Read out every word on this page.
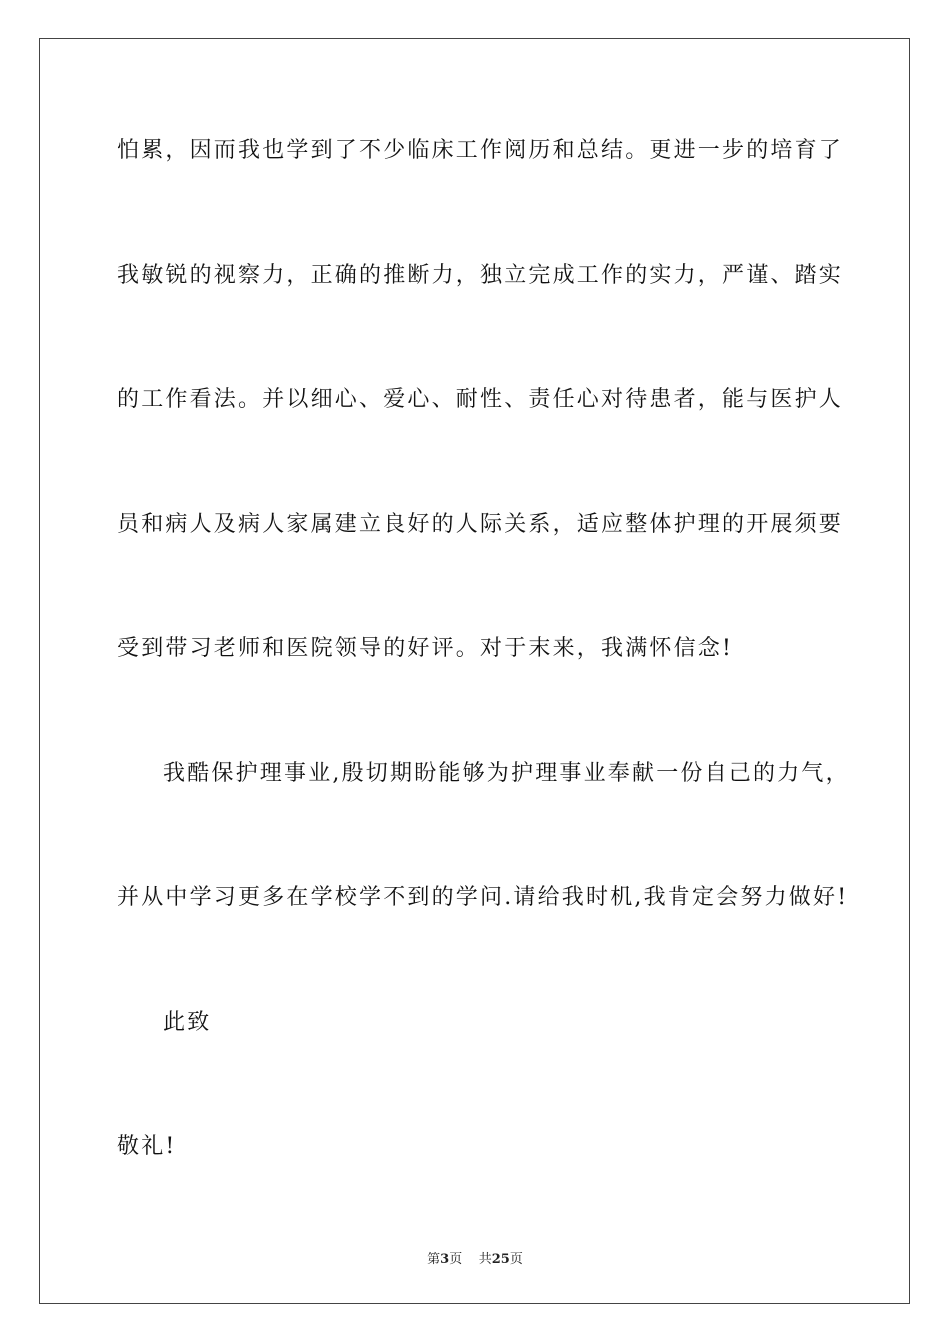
怕累，因而我也学到了不少临床工作阅历和总结。更进一步的培育了
我敏锐的视察力，正确的推断力，独立完成工作的实力，严谨、踏实
的工作看法。并以细心、爱心、耐性、责任心对待患者，能与医护人
员和病人及病人家属建立良好的人际关系，适应整体护理的开展须要
受到带习老师和医院领导的好评。对于末来，我满怀信念!
我酷保护理事业,殷切期盼能够为护理事业奉献一份自己的力气，
并从中学习更多在学校学不到的学问.请给我时机,我肯定会努力做好!
此致
敬礼!
第3页 共25页
